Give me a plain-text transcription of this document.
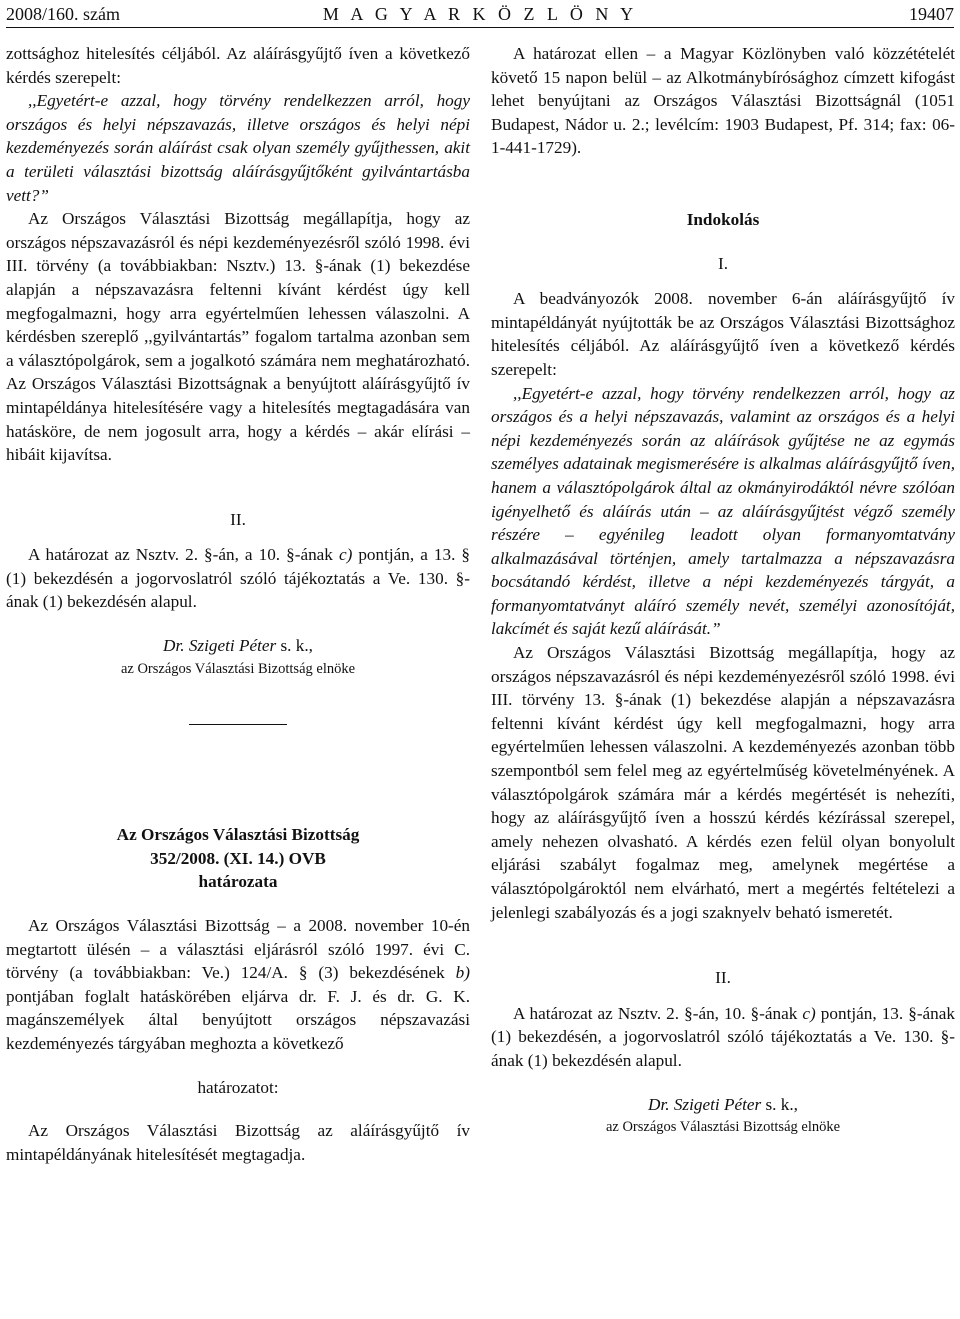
2008/160. szám	M A G Y A R K Ö Z L Ö N Y	19407

zottsághoz hitelesítés céljából. Az aláírásgyűjtő íven a következő kérdés szerepelt:

,,Egyetért-e azzal, hogy törvény rendelkezzen arról, hogy országos és helyi népszavazás, illetve országos és helyi népi kezdeményezés során aláírást csak olyan személy gyűjthessen, akit a területi választási bizottság aláírásgyűjtőként gyilvántartásba vett?”

Az Országos Választási Bizottság megállapítja, hogy az országos népszavazásról és népi kezdeményezésről szóló 1998. évi III. törvény (a továbbiakban: Nsztv.) 13. §-ának (1) bekezdése alapján a népszavazásra feltenni kívánt kérdést úgy kell megfogalmazni, hogy arra egyértelműen lehessen válaszolni. A kérdésben szereplő ,,gyilvántartás” fogalom tartalma azonban sem a választópolgárok, sem a jogalkotó számára nem meghatározható. Az Országos Választási Bizottságnak a benyújtott aláírásgyűjtő ív mintapéldánya hitelesítésére vagy a hitelesítés megtagadására van hatásköre, de nem jogosult arra, hogy a kérdés – akár elírási – hibáit kijavítsa.

II.

A határozat az Nsztv. 2. §-án, a 10. §-ának c) pontján, a 13. § (1) bekezdésén a jogorvoslatról szóló tájékoztatás a Ve. 130. §-ának (1) bekezdésén alapul.

Dr. Szigeti Péter s. k.,

az Országos Választási Bizottság elnöke

Az Országos Választási Bizottság

352/2008. (XI. 14.) OVB

határozata

Az Országos Választási Bizottság – a 2008. november 10-én megtartott ülésén – a választási eljárásról szóló 1997. évi C. törvény (a továbbiakban: Ve.) 124/A. § (3) bekezdésének b) pontjában foglalt hatáskörében eljárva dr. F. J. és dr. G. K. magánszemélyek által benyújtott országos népszavazási kezdeményezés tárgyában meghozta a következő

határozatot:

Az Országos Választási Bizottság az aláírásgyűjtő ív mintapéldányának hitelesítését megtagadja.

A határozat ellen – a Magyar Közlönyben való közzétételét követő 15 napon belül – az Alkotmánybírósághoz címzett kifogást lehet benyújtani az Országos Választási Bizottságnál (1051 Budapest, Nádor u. 2.; levélcím: 1903 Budapest, Pf. 314; fax: 06-1-441-1729).

Indokolás

I.

A beadványozók 2008. november 6-án aláírásgyűjtő ív mintapéldányát nyújtották be az Országos Választási Bizottsághoz hitelesítés céljából. Az aláírásgyűjtő íven a következő kérdés szerepelt:

,,Egyetért-e azzal, hogy törvény rendelkezzen arról, hogy az országos és a helyi népszavazás, valamint az országos és a helyi népi kezdeményezés során az aláírások gyűjtése ne az egymás személyes adatainak megismerésére is alkalmas aláírásgyűjtő íven, hanem a választópolgárok által az okmányirodáktól névre szólóan igényelhető és aláírás után – az aláírásgyűjtést végző személy részére – egyénileg leadott olyan formanyomtatvány alkalmazásával történjen, amely tartalmazza a népszavazásra bocsátandó kérdést, illetve a népi kezdeményezés tárgyát, a formanyomtatványt aláíró személy nevét, személyi azonosítóját, lakcímét és saját kezű aláírását.”

Az Országos Választási Bizottság megállapítja, hogy az országos népszavazásról és népi kezdeményezésről szóló 1998. évi III. törvény 13. §-ának (1) bekezdése alapján a népszavazásra feltenni kívánt kérdést úgy kell megfogalmazni, hogy arra egyértelműen lehessen válaszolni. A kezdeményezés azonban több szempontból sem felel meg az egyértelműség követelményének. A választópolgárok számára már a kérdés megértését is nehezíti, hogy az aláírásgyűjtő íven a hosszú kérdés kézírással szerepel, amely nehezen olvasható. A kérdés ezen felül olyan bonyolult eljárási szabályt fogalmaz meg, amelynek megértése a választópolgároktól nem elvárható, mert a megértés feltételezi a jelenlegi szabályozás és a jogi szaknyelv beható ismeretét.

II.

A határozat az Nsztv. 2. §-án, 10. §-ának c) pontján, 13. §-ának (1) bekezdésén, a jogorvoslatról szóló tájékoztatás a Ve. 130. §-ának (1) bekezdésén alapul.

Dr. Szigeti Péter s. k.,

az Országos Választási Bizottság elnöke
